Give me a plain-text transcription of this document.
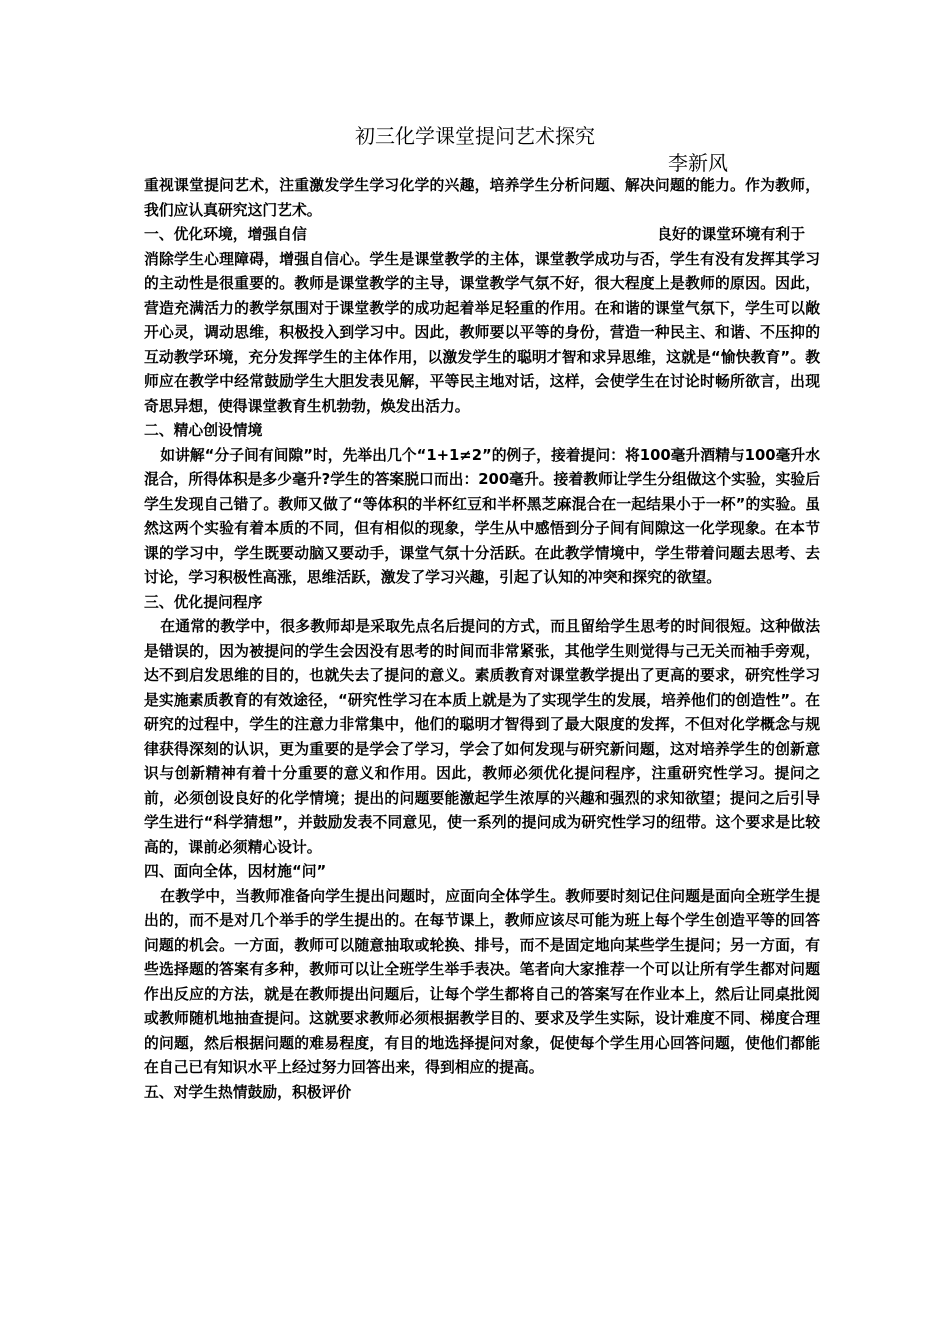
初三化学课堂提问艺术探究
李新风

重视课堂提问艺术，注重激发学生学习化学的兴趣，培养学生分析问题、解决问题的能力。作为教师，我们应认真研究这门艺术。

一、优化环境，增强自信	良好的课堂环境有利于

消除学生心理障碍，增强自信心。学生是课堂教学的主体，课堂教学成功与否，学生有没有发挥其学习的主动性是很重要的。教师是课堂教学的主导，课堂教学气氛不好，很大程度上是教师的原因。因此，营造充满活力的教学氛围对于课堂教学的成功起着举足轻重的作用。在和谐的课堂气氛下，学生可以敞开心灵，调动思维，积极投入到学习中。因此，教师要以平等的身份，营造一种民主、和谐、不压抑的互动教学环境，充分发挥学生的主体作用，以激发学生的聪明才智和求异思维，这就是“愉快教育”。教师应在教学中经常鼓励学生大胆发表见解，平等民主地对话，这样，会使学生在讨论时畅所欲言，出现奇思异想，使得课堂教育生机勃勃，焕发出活力。

二、精心创设情境

如讲解“分子间有间隙”时，先举出几个“1+1≠2”的例子，接着提问：将100毫升酒精与100毫升水混合，所得体积是多少毫升?学生的答案脱口而出：200毫升。接着教师让学生分组做这个实验，实验后学生发现自己错了。教师又做了“等体积的半杯红豆和半杯黑芝麻混合在一起结果小于一杯”的实验。虽然这两个实验有着本质的不同，但有相似的现象，学生从中感悟到分子间有间隙这一化学现象。在本节课的学习中，学生既要动脑又要动手，课堂气氛十分活跃。在此教学情境中，学生带着问题去思考、去讨论，学习积极性高涨，思维活跃，激发了学习兴趣，引起了认知的冲突和探究的欲望。

三、优化提问程序

在通常的教学中，很多教师却是采取先点名后提问的方式，而且留给学生思考的时间很短。这种做法是错误的，因为被提问的学生会因没有思考的时间而非常紧张，其他学生则觉得与己无关而袖手旁观，达不到启发思维的目的，也就失去了提问的意义。素质教育对课堂教学提出了更高的要求，研究性学习是实施素质教育的有效途径，“研究性学习在本质上就是为了实现学生的发展，培养他们的创造性”。在研究的过程中，学生的注意力非常集中，他们的聪明才智得到了最大限度的发挥，不但对化学概念与规律获得深刻的认识，更为重要的是学会了学习，学会了如何发现与研究新问题，这对培养学生的创新意识与创新精神有着十分重要的意义和作用。因此，教师必须优化提问程序，注重研究性学习。提问之前，必须创设良好的化学情境；提出的问题要能激起学生浓厚的兴趣和强烈的求知欲望；提问之后引导学生进行“科学猜想”，并鼓励发表不同意见，使一系列的提问成为研究性学习的纽带。这个要求是比较高的，课前必须精心设计。

四、面向全体，因材施“问”

在教学中，当教师准备向学生提出问题时，应面向全体学生。教师要时刻记住问题是面向全班学生提出的，而不是对几个举手的学生提出的。在每节课上，教师应该尽可能为班上每个学生创造平等的回答问题的机会。一方面，教师可以随意抽取或轮换、排号，而不是固定地向某些学生提问；另一方面，有些选择题的答案有多种，教师可以让全班学生举手表决。笔者向大家推荐一个可以让所有学生都对问题作出反应的方法，就是在教师提出问题后，让每个学生都将自己的答案写在作业本上，然后让同桌批阅或教师随机地抽查提问。这就要求教师必须根据教学目的、要求及学生实际，设计难度不同、梯度合理的问题，然后根据问题的难易程度，有目的地选择提问对象，促使每个学生用心回答问题，使他们都能在自己已有知识水平上经过努力回答出来，得到相应的提高。

五、对学生热情鼓励，积极评价
